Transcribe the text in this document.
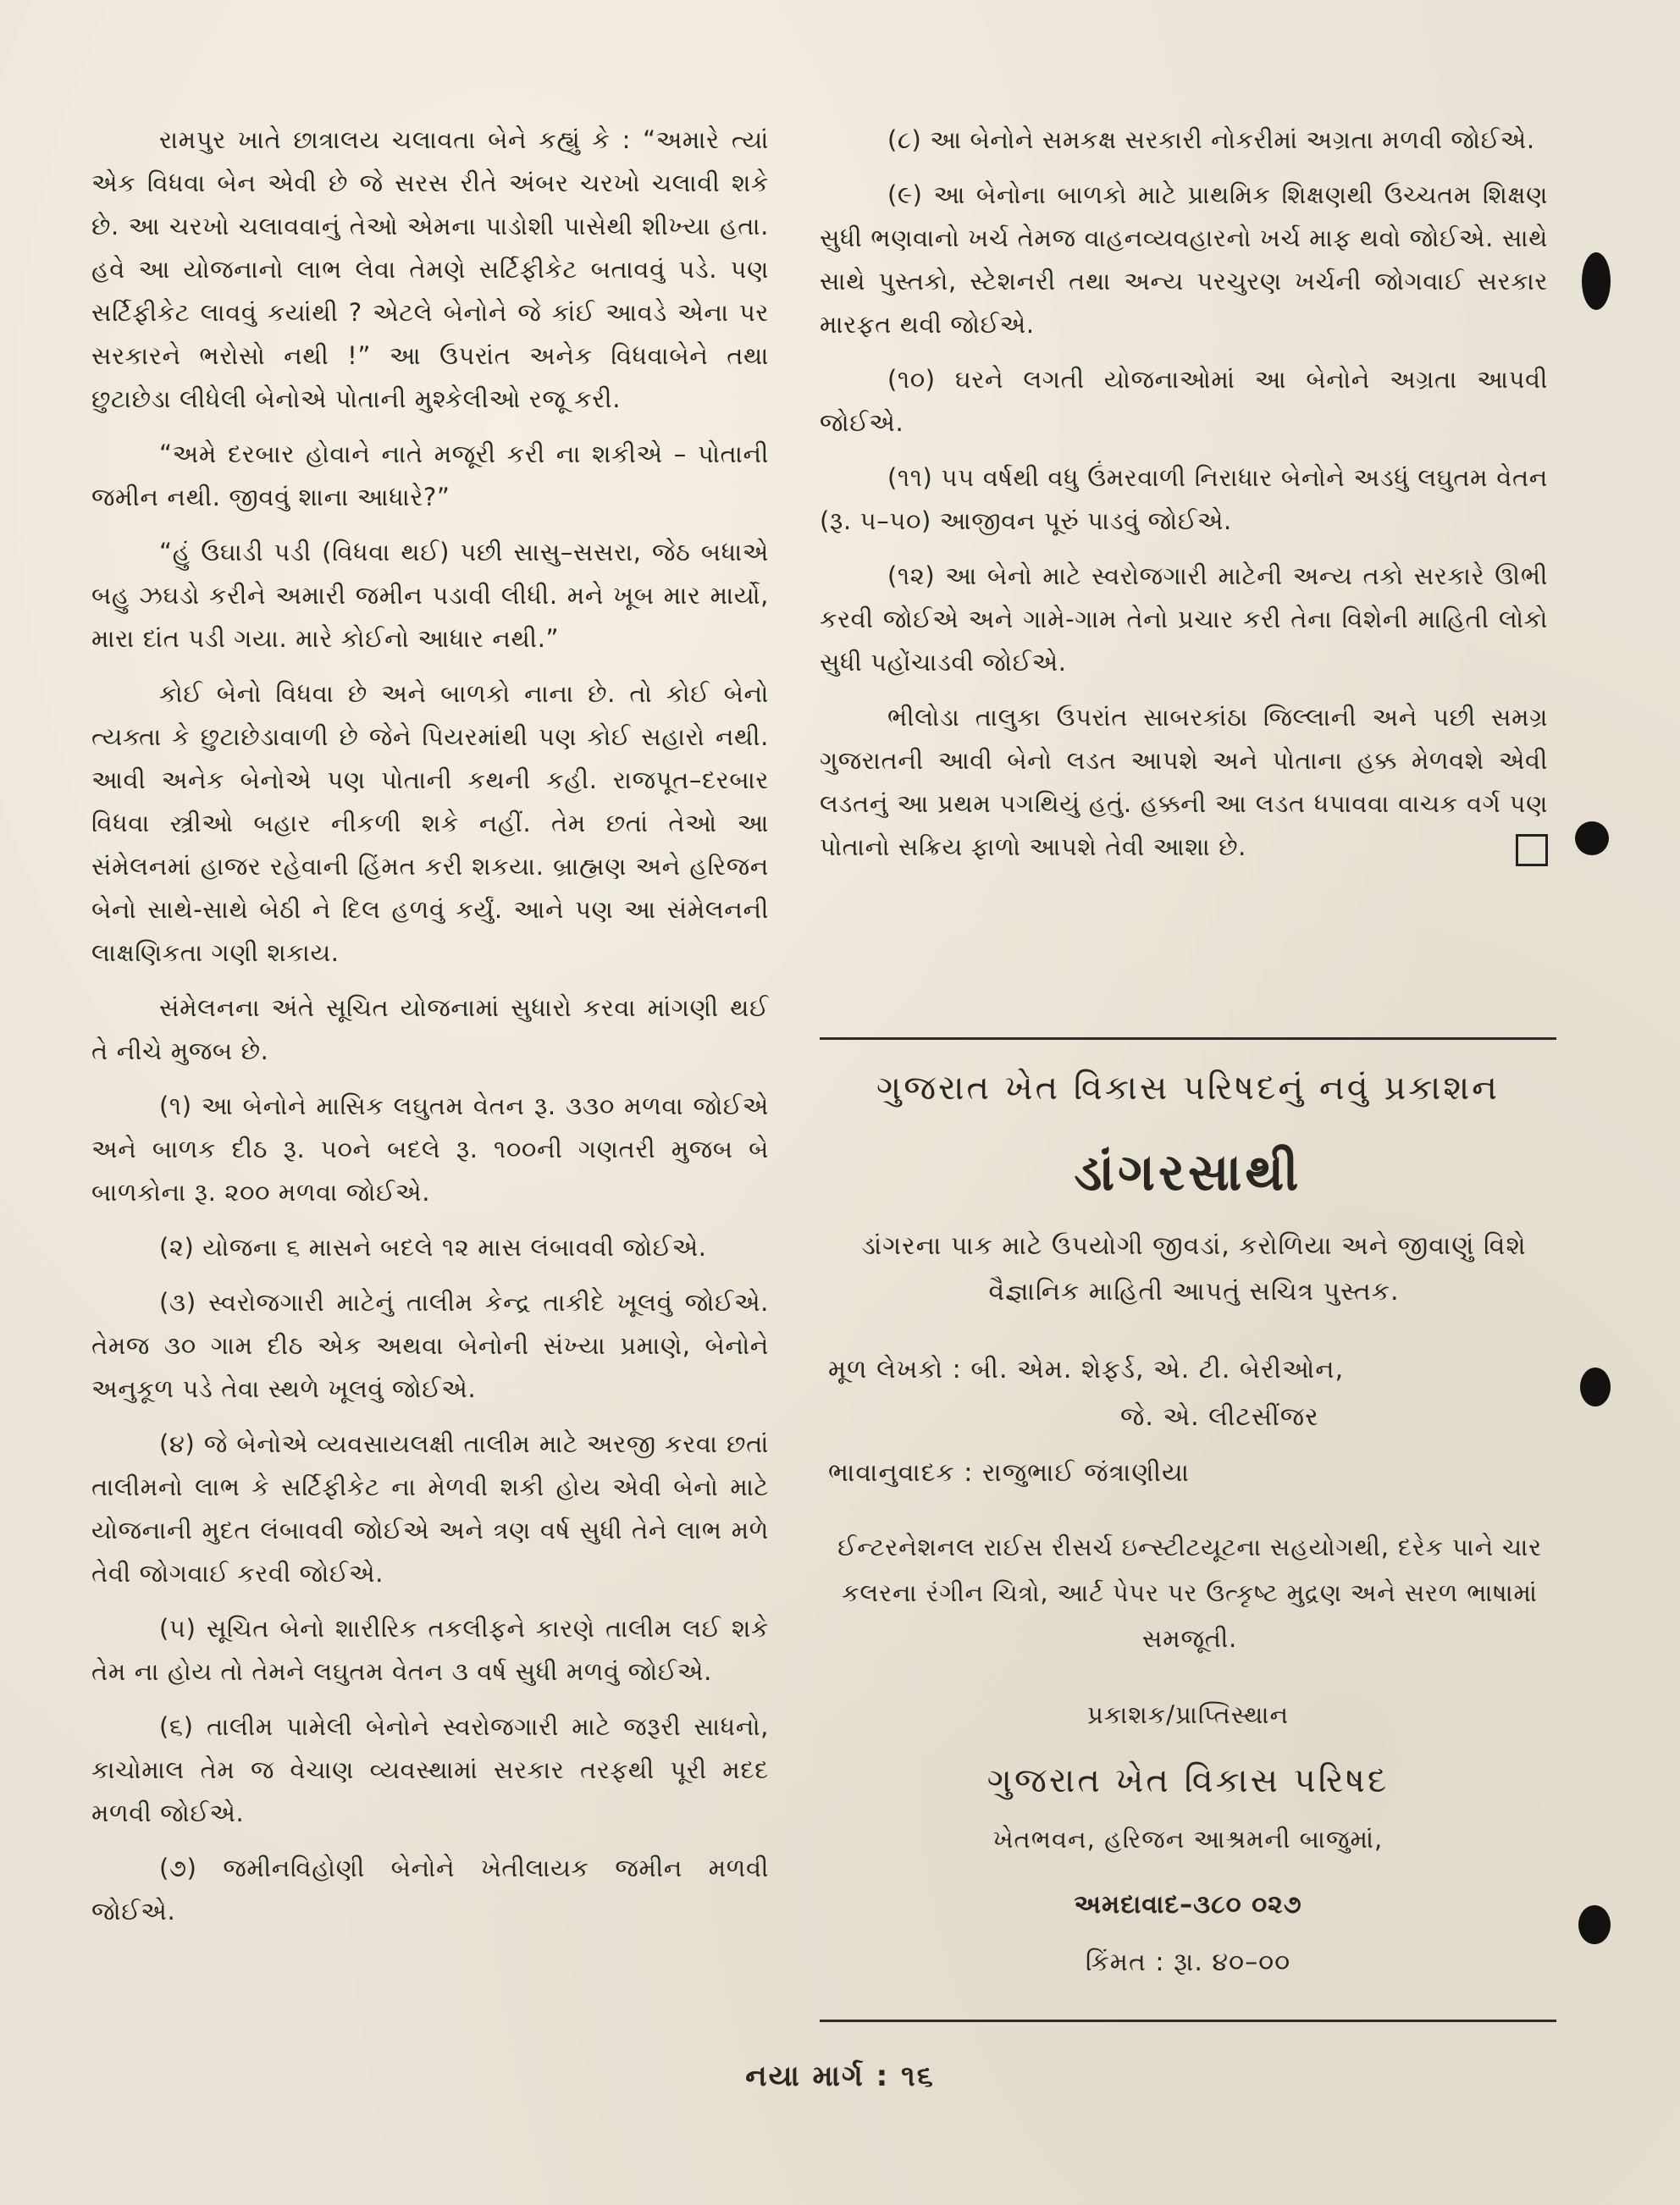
રામપુર ખાતે છાત્રાલય ચલાવતા બેને કહ્યું કે : “અમારે ત્યાં એક વિધવા બેન એવી છે જે સરસ રીતે અંબર ચરખો ચલાવી શકે છે. આ ચરખો ચલાવવાનું તેઓ એમના પાડોશી પાસેથી શીખ્યા હતા. હવે આ યોજનાનો લાભ લેવા તેમણે સર્ટિફીકેટ બતાવવું પડે. પણ સર્ટિફીકેટ લાવવું કયાંથી ? એટલે બેનોને જે કાંઈ આવડે એના પર સરકારને ભરોસો નથી !” આ ઉપરાંત અનેક વિધવાબેને તથા છુટાછેડા લીધેલી બેનોએ પોતાની મુશ્કેલીઓ રજૂ કરી.

“અમે દરબાર હોવાને નાતે મજૂરી કરી ના શકીએ – પોતાની જમીન નથી. જીવવું શાના આધારે?”

“હું ઉઘાડી પડી (વિધવા થઈ) પછી સાસુ–સસરા, જેઠ બધાએ બહુ ઝઘડો કરીને અમારી જમીન પડાવી લીધી. મને ખૂબ માર માર્યો, મારા દાંત પડી ગયા. મારે કોઈનો આધાર નથી.”

કોઈ બેનો વિધવા છે અને બાળકો નાના છે. તો કોઈ બેનો ત્યક્તા કે છુટાછેડાવાળી છે જેને પિયરમાંથી પણ કોઈ સહારો નથી. આવી અનેક બેનોએ પણ પોતાની કથની કહી. રાજપૂત–દરબાર વિધવા સ્ત્રીઓ બહાર નીકળી શકે નહીં. તેમ છતાં તેઓ આ સંમેલનમાં હાજર રહેવાની હિંમત કરી શકયા. બ્રાહ્મણ અને હરિજન બેનો સાથે-સાથે બેઠી ને દિલ હળવું કર્યું. આને પણ આ સંમેલનની લાક્ષણિકતા ગણી શકાય.

સંમેલનના અંતે સૂચિત યોજનામાં સુધારો કરવા માંગણી થઈ તે નીચે મુજબ છે.

(૧) આ બેનોને માસિક લઘુતમ વેતન રૂ. ૩૩૦ મળવા જોઈએ અને બાળક દીઠ રૂ. ૫૦ને બદલે રૂ. ૧૦૦ની ગણતરી મુજબ બે બાળકોના રૂ. ૨૦૦ મળવા જોઈએ.

(૨) યોજના ૬ માસને બદલે ૧૨ માસ લંબાવવી જોઈએ.

(૩) સ્વરોજગારી માટેનું તાલીમ કેન્દ્ર તાકીદે ખૂલવું જોઈએ. તેમજ ૩૦ ગામ દીઠ એક અથવા બેનોની સંખ્યા પ્રમાણે, બેનોને અનુકૂળ પડે તેવા સ્થળે ખૂલવું જોઈએ.

(૪) જે બેનોએ વ્યવસાયલક્ષી તાલીમ માટે અરજી કરવા છતાં તાલીમનો લાભ કે સર્ટિફીકેટ ના મેળવી શકી હોય એવી બેનો માટે યોજનાની મુદત લંબાવવી જોઈએ અને ત્રણ વર્ષ સુધી તેને લાભ મળે તેવી જોગવાઈ કરવી જોઈએ.

(૫) સૂચિત બેનો શારીરિક તકલીફને કારણે તાલીમ લઈ શકે તેમ ના હોય તો તેમને લઘુતમ વેતન ૩ વર્ષ સુધી મળવું જોઈએ.

(૬) તાલીમ પામેલી બેનોને સ્વરોજગારી માટે જરૂરી સાધનો, કાચોમાલ તેમ જ વેચાણ વ્યવસ્થામાં સરકાર તરફથી પૂરી મદદ મળવી જોઈએ.

(૭) જમીનવિહોણી બેનોને ખેતીલાયક જમીન મળવી જોઈએ.

(૮) આ બેનોને સમકક્ષ સરકારી નોકરીમાં અગ્રતા મળવી જોઈએ.

(૯) આ બેનોના બાળકો માટે પ્રાથમિક શિક્ષણથી ઉચ્ચતમ શિક્ષણ સુધી ભણવાનો ખર્ચ તેમજ વાહનવ્યવહારનો ખર્ચ માફ થવો જોઈએ. સાથે સાથે પુસ્તકો, સ્ટેશનરી તથા અન્ય પરચુરણ ખર્ચની જોગવાઈ સરકાર મારફત થવી જોઈએ.

(૧૦) ઘરને લગતી યોજનાઓમાં આ બેનોને અગ્રતા આપવી જોઈએ.

(૧૧) ૫૫ વર્ષથી વધુ ઉંમરવાળી નિરાધાર બેનોને અડધું લઘુતમ વેતન (રૂ. ૫–૫૦) આજીવન પૂરું પાડવું જોઈએ.

(૧૨) આ બેનો માટે સ્વરોજગારી માટેની અન્ય તકો સરકારે ઊભી કરવી જોઈએ અને ગામે-ગામ તેનો પ્રચાર કરી તેના વિશેની માહિતી લોકો સુધી પહોંચાડવી જોઈએ.

ભીલોડા તાલુકા ઉપરાંત સાબરકાંઠા જિલ્લાની અને પછી સમગ્ર ગુજરાતની આવી બેનો લડત આપશે અને પોતાના હક્ક મેળવશે એવી લડતનું આ પ્રથમ પગથિયું હતું. હક્કની આ લડત ધપાવવા વાચક વર્ગ પણ પોતાનો સક્રિય ફાળો આપશે તેવી આશા છે.

ગુજરાત ખેત વિકાસ પરિષદનું નવું પ્રકાશન
ડાંગરસાથી
ડાંગરના પાક માટે ઉપયોગી જીવડાં, કરોળિયા અને જીવાણું વિશે વૈજ્ઞાનિક માહિતી આપતું સચિત્ર પુસ્તક.
મૂળ લેખકો : બી. એમ. શેફર્ડ, એ. ટી. બેરીઓન,
જે. એ. લીટસીંજર
ભાવાનુવાદક : રાજુભાઈ જંત્રાણીયા
ઈન્ટરનેશનલ રાઈસ રીસર્ચ ઇન્સ્ટીટયૂટના સહયોગથી, દરેક પાને ચાર કલરના રંગીન ચિત્રો, આર્ટ પેપર પર ઉત્કૃષ્ટ મુદ્રણ અને સરળ ભાષામાં સમજૂતી.
પ્રકાશક/પ્રાપ્તિસ્થાન
ગુજરાત ખેત વિકાસ પરિષદ
ખેતભવન, હરિજન આશ્રમની બાજુમાં,
અમદાવાદ–૩૮૦ ૦૨૭
કિંમત : રૂા. ૪૦–૦૦
નયા માર્ગ : ૧૬
